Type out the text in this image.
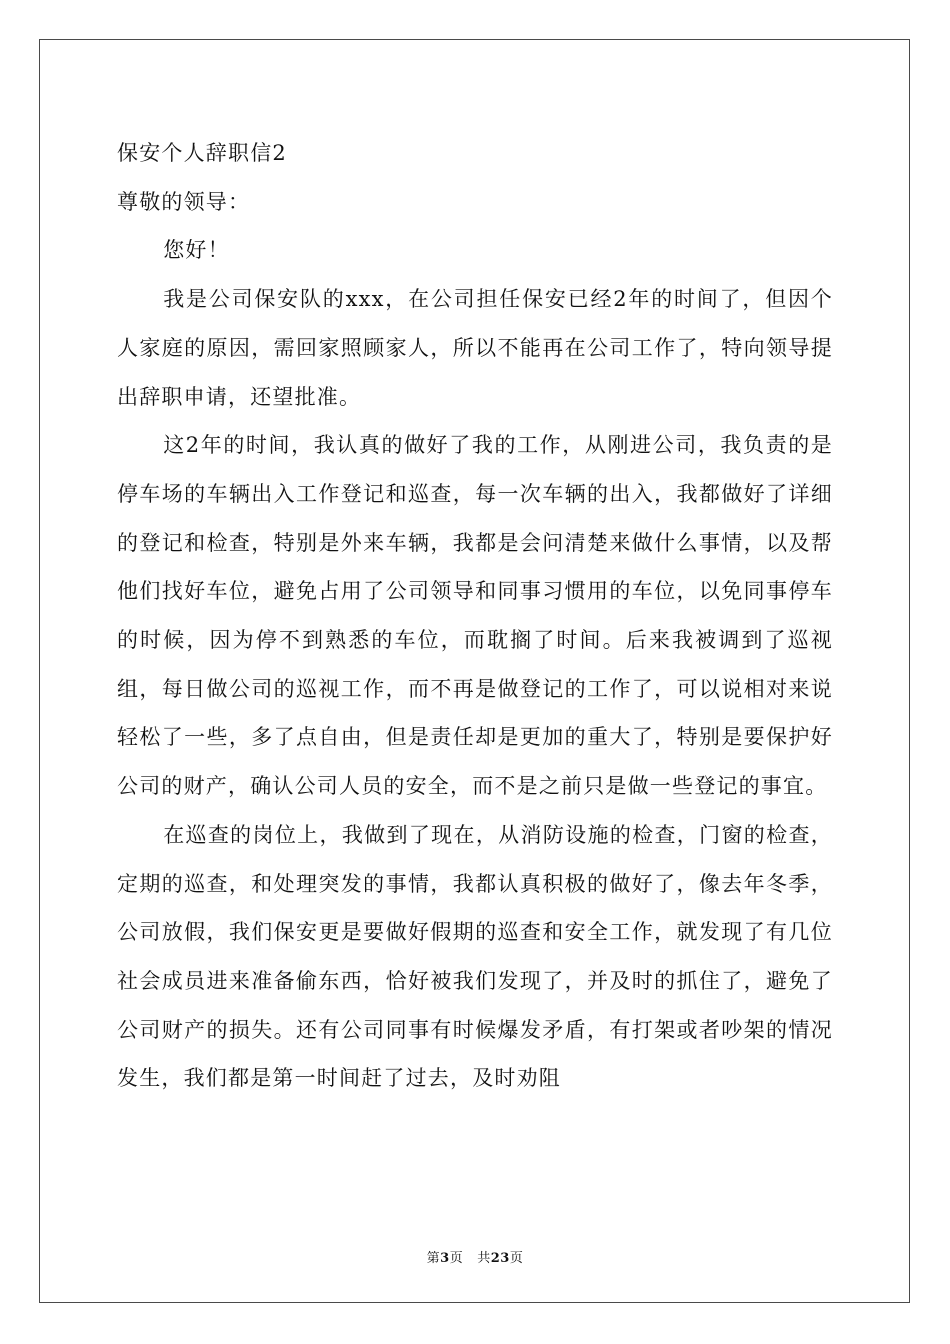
保安个人辞职信2

尊敬的领导：

您好！

我是公司保安队的xxx，在公司担任保安已经2年的时间了，但因个人家庭的原因，需回家照顾家人，所以不能再在公司工作了，特向领导提出辞职申请，还望批准。

这2年的时间，我认真的做好了我的工作，从刚进公司，我负责的是停车场的车辆出入工作登记和巡查，每一次车辆的出入，我都做好了详细的登记和检查，特别是外来车辆，我都是会问清楚来做什么事情，以及帮他们找好车位，避免占用了公司领导和同事习惯用的车位，以免同事停车的时候，因为停不到熟悉的车位，而耽搁了时间。后来我被调到了巡视组，每日做公司的巡视工作，而不再是做登记的工作了，可以说相对来说轻松了一些，多了点自由，但是责任却是更加的重大了，特别是要保护好公司的财产，确认公司人员的安全，而不是之前只是做一些登记的事宜。

在巡查的岗位上，我做到了现在，从消防设施的检查，门窗的检查，定期的巡查，和处理突发的事情，我都认真积极的做好了，像去年冬季，公司放假，我们保安更是要做好假期的巡查和安全工作，就发现了有几位社会成员进来准备偷东西，恰好被我们发现了，并及时的抓住了，避免了公司财产的损失。还有公司同事有时候爆发矛盾，有打架或者吵架的情况发生，我们都是第一时间赶了过去，及时劝阻

第3页 共23页
